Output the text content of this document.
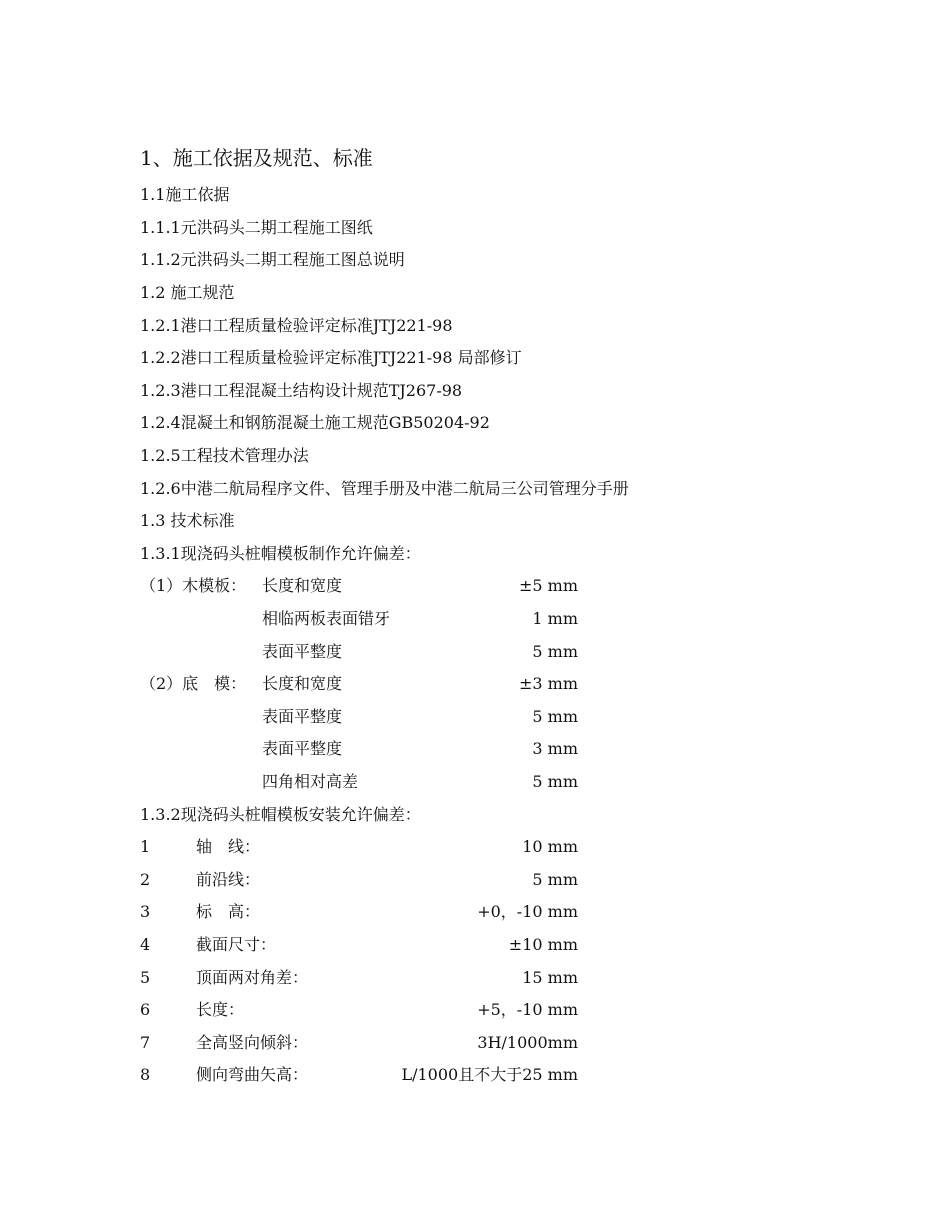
1、施工依据及规范、标准
1.1施工依据
1.1.1元洪码头二期工程施工图纸
1.1.2元洪码头二期工程施工图总说明
1.2 施工规范
1.2.1港口工程质量检验评定标准JTJ221-98
1.2.2港口工程质量检验评定标准JTJ221-98 局部修订
1.2.3港口工程混凝土结构设计规范TJ267-98
1.2.4混凝土和钢筋混凝土施工规范GB50204-92
1.2.5工程技术管理办法
1.2.6中港二航局程序文件、管理手册及中港二航局三公司管理分手册
1.3 技术标准
1.3.1现浇码头桩帽模板制作允许偏差：
（1）木模板： 长度和宽度	±5 mm
相临两板表面错牙	1 mm
表面平整度	5 mm
（2）底　模： 长度和宽度	±3 mm
表面平整度	5 mm
表面平整度	3 mm
四角相对高差	5 mm
1.3.2现浇码头桩帽模板安装允许偏差：
1	轴　线：	10 mm
2	前沿线：	5 mm
3	标　高：	+0，-10 mm
4	截面尺寸：	±10 mm
5	顶面两对角差：	15 mm
6	长度：	+5，-10 mm
7	全高竖向倾斜：	3H/1000mm
8	侧向弯曲矢高：	L/1000且不大于25 mm
